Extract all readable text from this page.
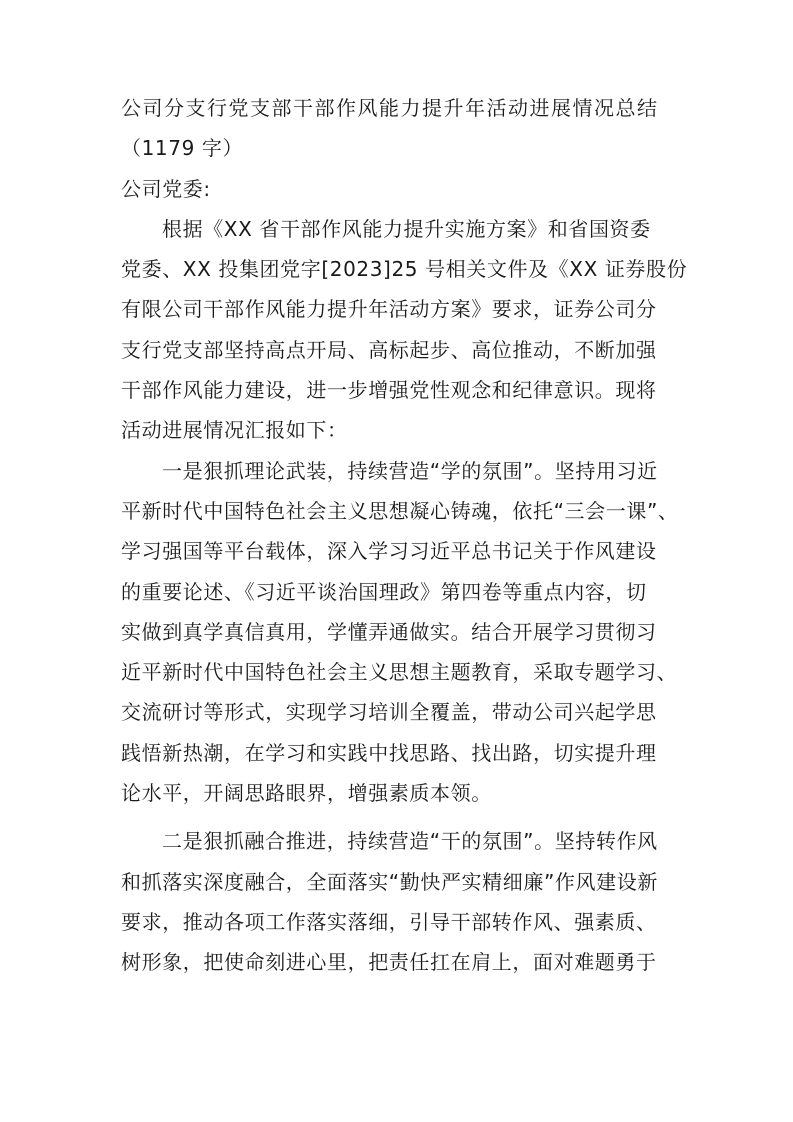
公司分支行党支部干部作风能力提升年活动进展情况总结
（1179 字）
公司党委:
根据《XX 省干部作风能力提升实施方案》和省国资委
党委、XX 投集团党字[2023]25 号相关文件及《XX 证券股份
有限公司干部作风能力提升年活动方案》要求，证券公司分
支行党支部坚持高点开局、高标起步、高位推动，不断加强
干部作风能力建设，进一步增强党性观念和纪律意识。现将
活动进展情况汇报如下：
一是狠抓理论武装，持续营造“学的氛围”。坚持用习近
平新时代中国特色社会主义思想凝心铸魂，依托“三会一课”、
学习强国等平台载体，深入学习习近平总书记关于作风建设
的重要论述、《习近平谈治国理政》第四卷等重点内容，切
实做到真学真信真用，学懂弄通做实。结合开展学习贯彻习
近平新时代中国特色社会主义思想主题教育，采取专题学习、
交流研讨等形式，实现学习培训全覆盖，带动公司兴起学思
践悟新热潮，在学习和实践中找思路、找出路，切实提升理
论水平，开阔思路眼界，增强素质本领。
二是狠抓融合推进，持续营造“干的氛围”。坚持转作风
和抓落实深度融合，全面落实“勤快严实精细廉”作风建设新
要求，推动各项工作落实落细，引导干部转作风、强素质、
树形象，把使命刻进心里，把责任扛在肩上，面对难题勇于
